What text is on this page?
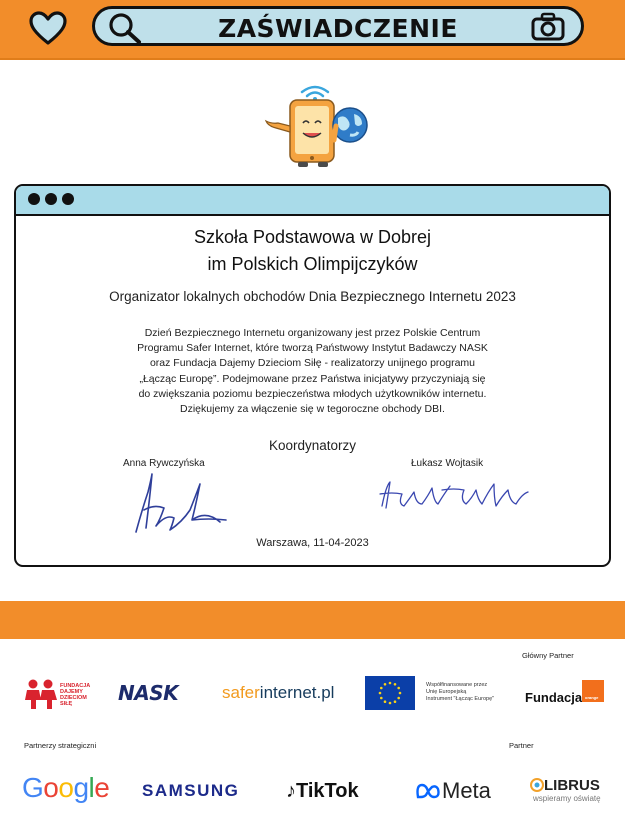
ZAŚWIADCZENIE
Szkoła Podstawowa w Dobrej
im Polskich Olimpijczyków
Organizator lokalnych obchodów Dnia Bezpiecznego Internetu 2023
Dzień Bezpiecznego Internetu organizowany jest przez Polskie Centrum
Programu Safer Internet, które tworzą Państwowy Instytut Badawczy NASK
oraz Fundacja Dajemy Dzieciom Siłę - realizatorzy unijnego programu
„Łącząc Europę”. Podejmowane przez Państwa inicjatywy przyczyniają się
do zwiększania poziomu bezpieczeństwa młodych użytkowników internetu.
Dziękujemy za włączenie się w tegoroczne obchody DBI.
Koordynatorzy
Anna Rywczyńska	Łukasz Wojtasik
Warszawa, 11-04-2023
Główny Partner
FUNDACJA
DAJEMY
DZIECIOM
SIŁĘ	NASK	saferinternet.pl	Współfinansowane przez
Unię Europejską
Instrument "Łącząc Europę" Fundacja orange
Partnerzy strategiczni	Partner
Google SAMSUNG ♪TikTok	Meta	LIBRUS
wspieramy oświatę
